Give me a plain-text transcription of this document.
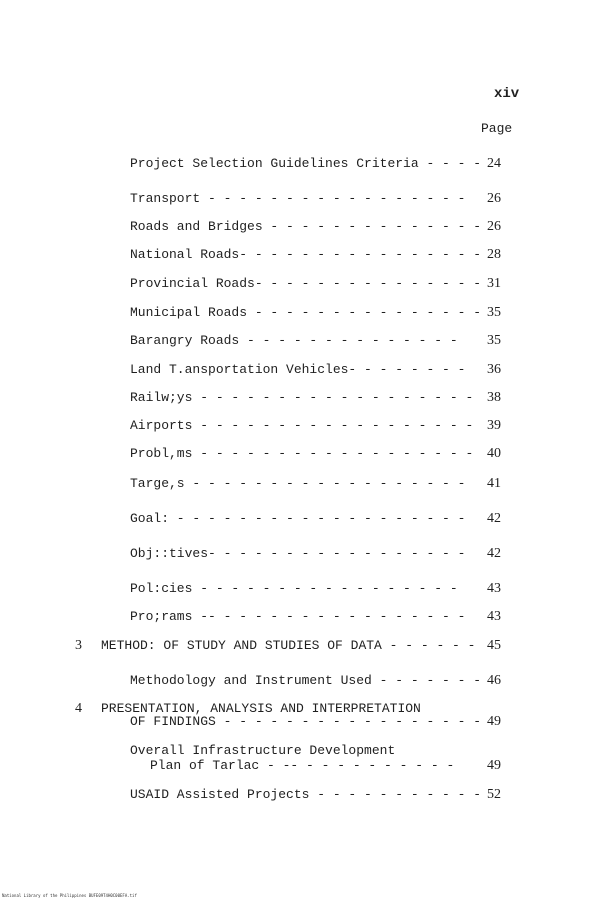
xiv
Page
Project Selection Guidelines Criteria - - - - 24
Transport - - - - - - - - - - - - - - - - - 26
Roads and Bridges - - - - - - - - - - - - - - 26
National Roads- - - - - - - - - - - - - - - - 28
Provincial Roads- - - - - - - - - - - - - - - 31
Municipal Roads - - - - - - - - - - - - - - - 35
Barangry Roads - - - - - - - - - - - - - - 35
Land T.ansportation Vehicles- - - - - - - - 36
Railw;ys - - - - - - - - - - - - - - - - - - 38
Airports - - - - - - - - - - - - - - - - - - 39
Probl,ms - - - - - - - - - - - - - - - - - - 40
Targe,s - - - - - - - - - - - - - - - - - - 41
Goal: - - - - - - - - - - - - - - - - - - - 42
Obj::tives- - - - - - - - - - - - - - - - - 42
Pol:cies - - - - - - - - - - - - - - - - - 43
Pro;rams -- - - - - - - - - - - - - - - - - 43
3 METHOD: OF STUDY AND STUDIES OF DATA - - - - - - 45
Methodology and Instrument Used - - - - - - - 46
4 PRESENTATION, ANALYSIS AND INTERPRETATION
OF FINDINGS - - - - - - - - - - - - - - - - - 49
Overall Infrastructure Development
Plan of Tarlac - -- - - - - - - - - - - 49
USAID Assisted Projects - - - - - - - - - - - 52
National Library of the Philippines BUFE09T4H0C00EFA.tif
